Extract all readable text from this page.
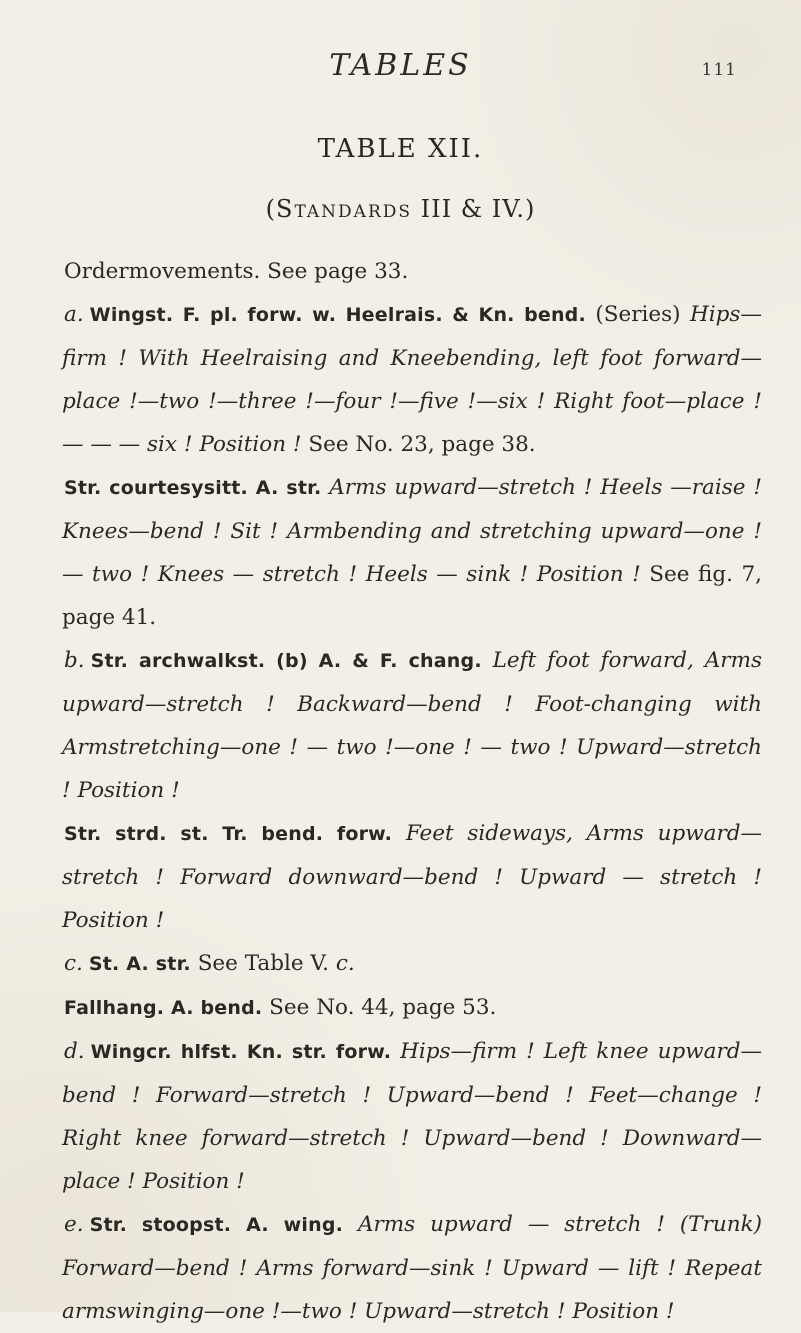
TABLES	111
TABLE XII.
(Standards III & IV.)

Ordermovements. See page 33.

a. Wingst. F. pl. forw. w. Heelrais. & Kn. bend. (Series) Hips—firm ! With Heelraising and Kneebending, left foot forward—place !—two !—three !—four !—five !—six ! Right foot—place ! — — — six ! Position ! See No. 23, page 38.

Str. courtesysitt. A. str. Arms upward—stretch ! Heels —raise ! Knees—bend ! Sit ! Armbending and stretching upward—one ! — two ! Knees — stretch ! Heels — sink ! Position ! See fig. 7, page 41.

b. Str. archwalkst. (b) A. & F. chang. Left foot forward, Arms upward—stretch ! Backward—bend ! Foot-changing with Armstretching—one ! — two !—one ! — two ! Upward—stretch ! Position !

Str. strd. st. Tr. bend. forw. Feet sideways, Arms upward—stretch ! Forward downward—bend ! Upward — stretch ! Position !

c. St. A. str. See Table V. c.

Fallhang. A. bend. See No. 44, page 53.

d. Wingcr. hlfst. Kn. str. forw. Hips—firm ! Left knee upward—bend ! Forward—stretch ! Upward—bend ! Feet—change ! Right knee forward—stretch ! Upward—bend ! Downward—place ! Position !

e. Str. stoopst. A. wing. Arms upward — stretch ! (Trunk) Forward—bend ! Arms forward—sink ! Upward — lift ! Repeat armswinging—one !—two ! Upward—stretch ! Position !
